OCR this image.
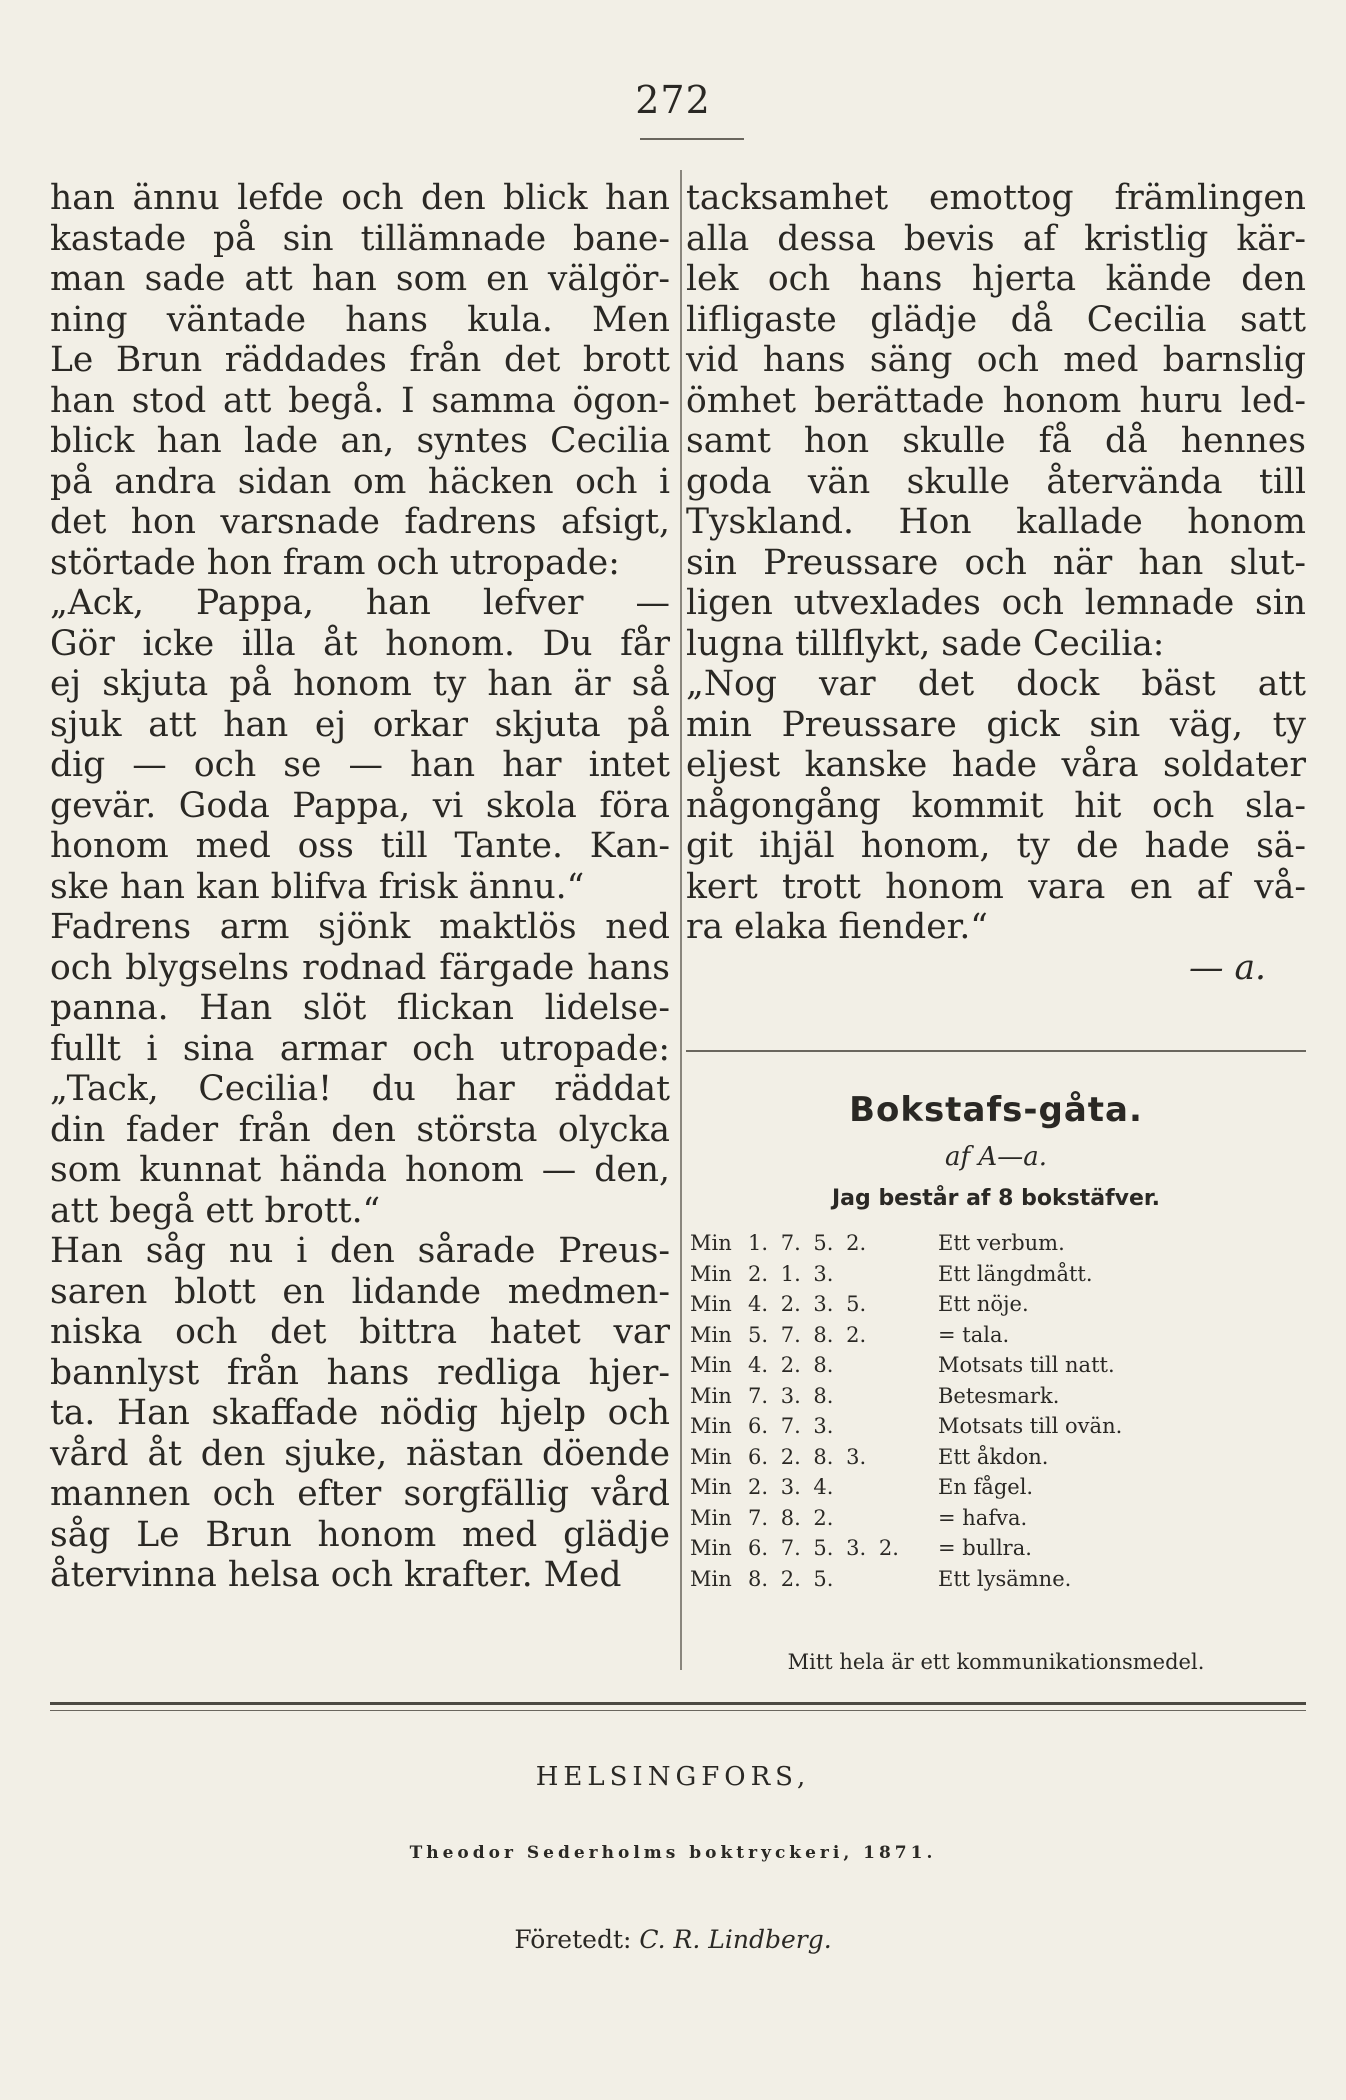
272
han ännu lefde och den blick han
kastade på sin tillämnade bane-
man sade att han som en välgör-
ning väntade hans kula. Men
Le Brun räddades från det brott
han stod att begå. I samma ögon-
blick han lade an, syntes Cecilia
på andra sidan om häcken och i
det hon varsnade fadrens afsigt,
störtade hon fram och utropade:
„Ack, Pappa, han lefver —
Gör icke illa åt honom. Du får
ej skjuta på honom ty han är så
sjuk att han ej orkar skjuta på
dig — och se — han har intet
gevär. Goda Pappa, vi skola föra
honom med oss till Tante. Kan-
ske han kan blifva frisk ännu.“
Fadrens arm sjönk maktlös ned
och blygselns rodnad färgade hans
panna. Han slöt flickan lidelse-
fullt i sina armar och utropade:
„Tack, Cecilia! du har räddat
din fader från den största olycka
som kunnat hända honom — den,
att begå ett brott.“
Han såg nu i den sårade Preus-
saren blott en lidande medmen-
niska och det bittra hatet var
bannlyst från hans redliga hjer-
ta. Han skaffade nödig hjelp och
vård åt den sjuke, nästan döende
mannen och efter sorgfällig vård
såg Le Brun honom med glädje
återvinna helsa och krafter. Med
tacksamhet emottog främlingen
alla dessa bevis af kristlig kär-
lek och hans hjerta kände den
lifligaste glädje då Cecilia satt
vid hans säng och med barnslig
ömhet berättade honom huru led-
samt hon skulle få då hennes
goda vän skulle återvända till
Tyskland. Hon kallade honom
sin Preussare och när han slut-
ligen utvexlades och lemnade sin
lugna tillflykt, sade Cecilia:
„Nog var det dock bäst att
min Preussare gick sin väg, ty
eljest kanske hade våra soldater
någongång kommit hit och sla-
git ihjäl honom, ty de hade sä-
kert trott honom vara en af vå-
ra elaka fiender.“
— a.
Bokstafs-gåta.
af A—a.
Jag består af 8 bokstäfver.
Min 1. 7. 5. 2.	Ett verbum.
Min 2. 1. 3.	Ett längdmått.
Min 4. 2. 3. 5.	Ett nöje.
Min 5. 7. 8. 2.	= tala.
Min 4. 2. 8.	Motsats till natt.
Min 7. 3. 8.	Betesmark.
Min 6. 7. 3.	Motsats till ovän.
Min 6. 2. 8. 3.	Ett åkdon.
Min 2. 3. 4.	En fågel.
Min 7. 8. 2.	= hafva.
Min 6. 7. 5. 3. 2.	= bullra.
Min 8. 2. 5.	Ett lysämne.
Mitt hela är ett kommunikationsmedel.
HELSINGFORS,
Theodor Sederholms boktryckeri, 1871.
Företedt: C. R. Lindberg.
